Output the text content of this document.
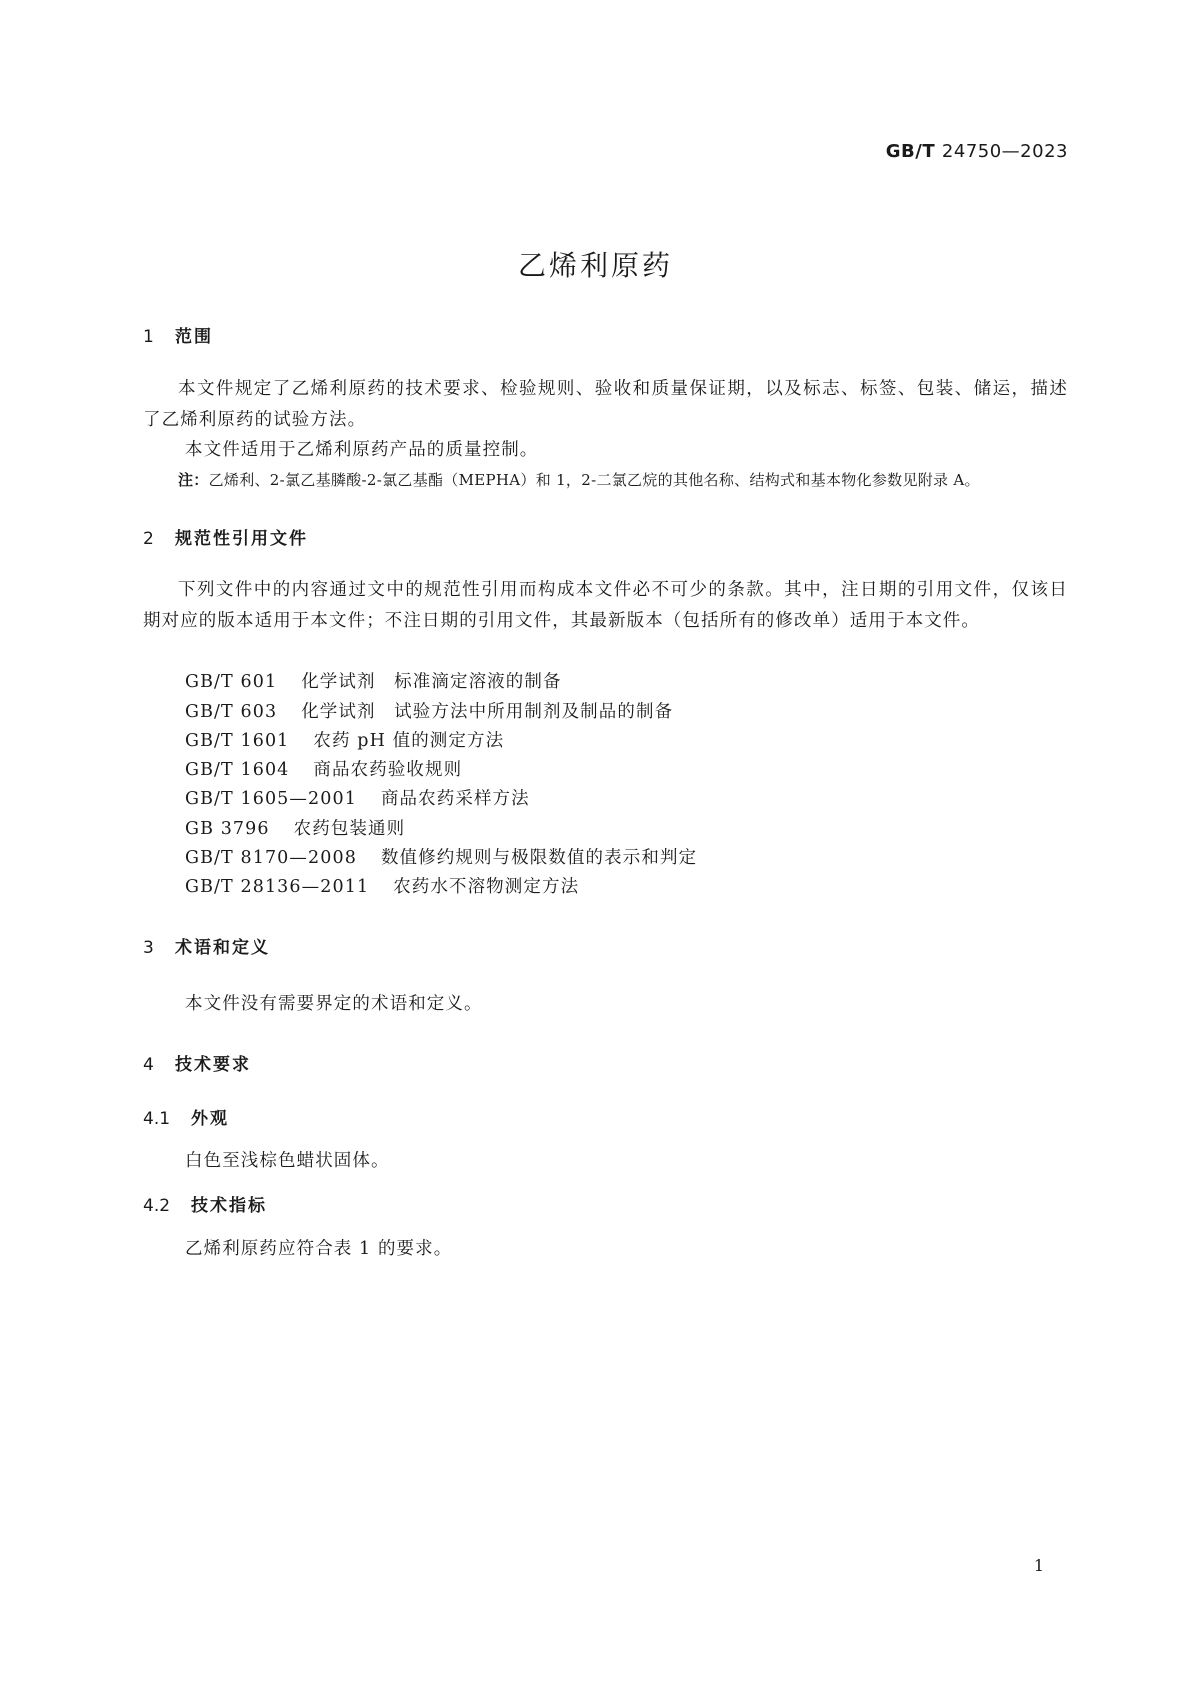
GB/T 24750—2023
乙烯利原药
1 范围
本文件规定了乙烯利原药的技术要求、检验规则、验收和质量保证期，以及标志、标签、包装、储运，描述了乙烯利原药的试验方法。
本文件适用于乙烯利原药产品的质量控制。
注：乙烯利、2-氯乙基膦酸-2-氯乙基酯（MEPHA）和 1，2-二氯乙烷的其他名称、结构式和基本物化参数见附录 A。
2 规范性引用文件
下列文件中的内容通过文中的规范性引用而构成本文件必不可少的条款。其中，注日期的引用文件，仅该日期对应的版本适用于本文件；不注日期的引用文件，其最新版本（包括所有的修改单）适用于本文件。
GB/T 601 化学试剂　标准滴定溶液的制备
GB/T 603 化学试剂　试验方法中所用制剂及制品的制备
GB/T 1601 农药 pH 值的测定方法
GB/T 1604 商品农药验收规则
GB/T 1605—2001 商品农药采样方法
GB 3796 农药包装通则
GB/T 8170—2008 数值修约规则与极限数值的表示和判定
GB/T 28136—2011 农药水不溶物测定方法
3 术语和定义
本文件没有需要界定的术语和定义。
4 技术要求
4.1 外观
白色至浅棕色蜡状固体。
4.2 技术指标
乙烯利原药应符合表 1 的要求。
1
